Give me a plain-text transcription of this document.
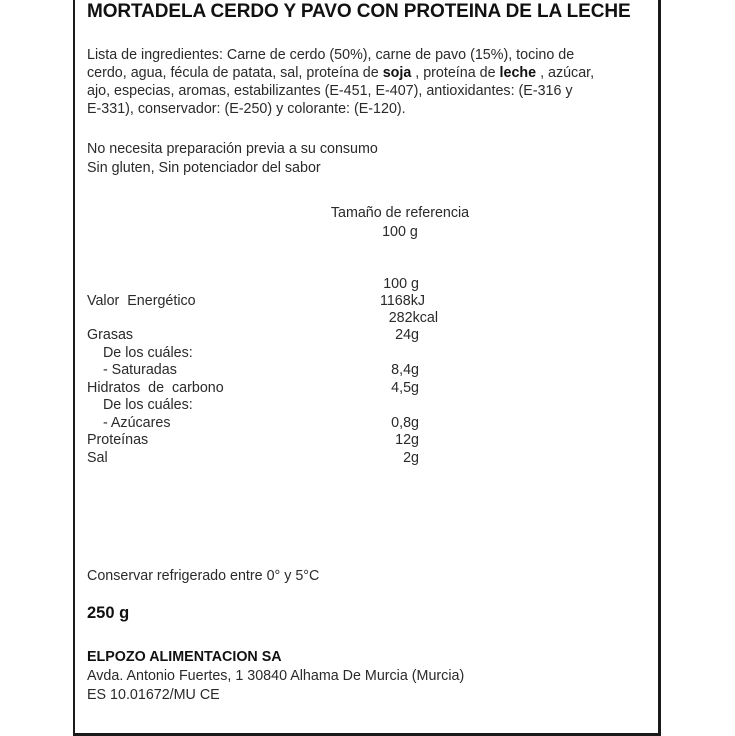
MORTADELA CERDO Y PAVO CON PROTEINA DE LA LECHE
Lista de ingredientes: Carne de cerdo (50%), carne de pavo (15%), tocino de
cerdo, agua, fécula de patata, sal, proteína de soja , proteína de leche , azúcar,
ajo, especias, aromas, estabilizantes (E-451, E-407), antioxidantes: (E-316 y
E-331), conservador: (E-250) y colorante: (E-120).
No necesita preparación previa a su consumo
Sin gluten, Sin potenciador del sabor
Tamaño de referencia
100 g
100 g
Valor  Energético	1168kJ
282kcal
Grasas	24g
De los cuáles:
- Saturadas	8,4g
Hidratos  de  carbono	4,5g
De los cuáles:
- Azúcares	0,8g
Proteínas	12g
Sal	2g
Conservar refrigerado entre 0° y 5°C
250 g
ELPOZO ALIMENTACION SA
Avda. Antonio Fuertes, 1 30840 Alhama De Murcia (Murcia)
ES 10.01672/MU CE
